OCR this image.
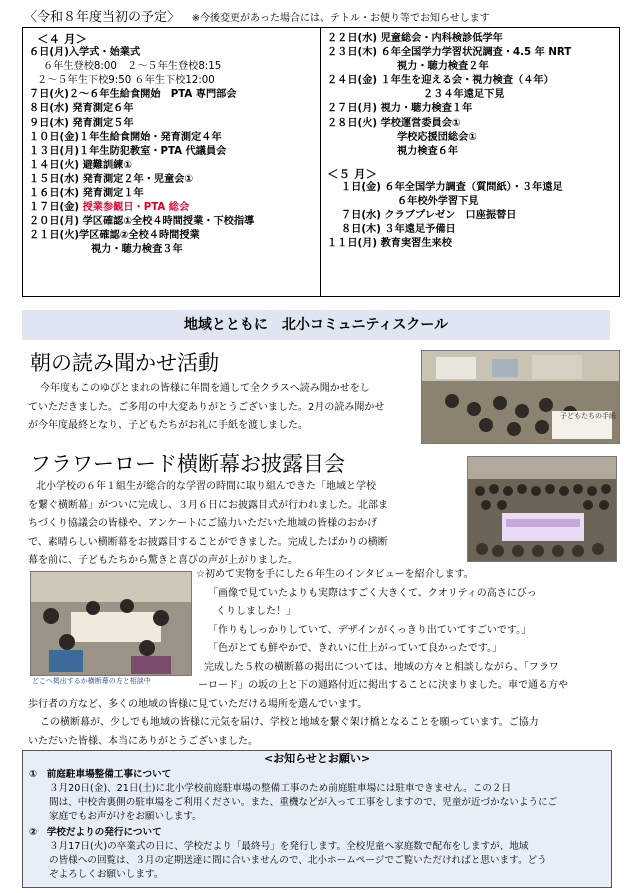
〈令和８年度当初の予定〉 ※今後変更があった場合には、テトル・お便り等でお知らせします
＜４ 月＞
６日(月)入学式・始業式
６年生登校8:00　２～５年生登校8:15
２～５年生下校9:50 ６年生下校12:00
７日(火)２～６年生給食開始　PTA 専門部会
８日(水) 発育測定６年
９日(木) 発育測定５年
１０日(金)１年生給食開始・発育測定４年
１３日(月)１年生防犯教室・PTA 代議員会
１４日(火) 避難訓練①
１５日(水) 発育測定２年・児童会①
１６日(木) 発育測定１年
１７日(金) 授業参観日・PTA 総会
２０日(月) 学区確認①全校４時間授業・下校指導
２１日(火)学区確認②全校４時間授業
視力・聴力検査３年
２２日(水) 児童総会・内科検診低学年
２３日(木) ６年全国学力学習状況調査・4.5 年 NRT
視力・聴力検査２年
２４日(金) １年生を迎える会・視力検査（４年）
２３４年遠足下見
２７日(月) 視力・聴力検査１年
２８日(火) 学校運営委員会①
学校応援団総会①
視力検査６年
＜５ 月＞
１日(金) ６年全国学力調査（質問紙）・３年遠足
６年校外学習下見
７日(水) クラブプレゼン　口座振替日
８日(木) ３年遠足予備日
１１日(月) 教育実習生来校
地域とともに　北小コミュニティスクール
朝の読み聞かせ活動
今年度もこのゆびとまれの皆様に年間を通して全クラスへ読み聞かせをし
ていただきました。ご多用の中大変ありがとうございました。2月の読み聞かせ
が今年度最終となり、子どもたちがお礼に手紙を渡しました。
子どもたちの手紙
フラワーロード横断幕お披露目会
北小学校の６年１組生が総合的な学習の時間に取り組んできた「地域と学校
を繋ぐ横断幕」がついに完成し、３月６日にお披露目式が行われました。北部ま
ちづくり協議会の皆様や、アンケートにご協力いただいた地域の皆様のおかげ
で、素晴らしい横断幕をお披露目することができました。完成したばかりの横断
幕を前に、子どもたちから驚きと喜びの声が上がりました。
どこへ掲出するか横断幕の方と相談中
☆初めて実物を手にした６年生のインタビューを紹介します。
「画像で見ていたよりも実際はすごく大きくて、クオリティの高さにびっ
くりしました！」
「作りもしっかりしていて、デザインがくっきり出ていてすごいです。」
「色がとても鮮やかで、きれいに仕上がっていて良かったです。」
完成した５枚の横断幕の掲出については、地域の方々と相談しながら、「フラワ
ーロード」の坂の上と下の通路付近に掲出することに決まりました。車で通る方や
歩行者の方など、多くの地域の皆様に見ていただける場所を選んでいます。
この横断幕が、少しでも地域の皆様に元気を届け、学校と地域を繋ぐ架け橋となることを願っています。ご協力
いただいた皆様、本当にありがとうございました。
<お知らせとお願い>
①　前庭駐車場整備工事について
３月20日(金)、21日(土)に北小学校前庭駐車場の整備工事のため前庭駐車場には駐車できません。この２日
間は、中校舎裏側の駐車場をご利用ください。また、重機などが入って工事をしますので、児童が近づかないようにご
家庭でもお声がけをお願いします。
②　学校だよりの発行について
３月17日(火)の卒業式の日に、学校だより「最終号」を発行します。全校児童へ家庭数で配布をしますが、地域
の皆様への回覧は、３月の定期送達に間に合いませんので、北小ホームページでご覧いただければと思います。どう
ぞよろしくお願いします。
